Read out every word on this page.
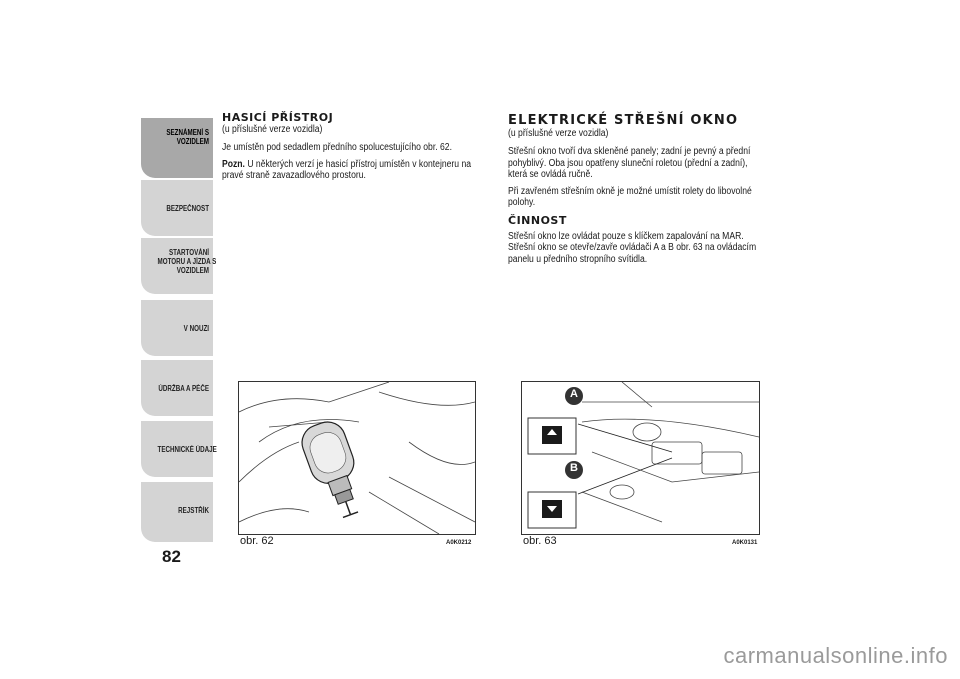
SEZNÁMENÍ S
VOZIDLEM
BEZPEČNOST
STARTOVÁNÍ
MOTORU A JÍZDA S
VOZIDLEM
V NOUZI
ÚDRŽBA A PÉČE
TECHNICKÉ ÚDAJE
REJSTŘÍK
82
HASICÍ PŘÍSTROJ

(u příslušné verze vozidla)

Je umístěn pod sedadlem předního spolucestujícího obr. 62.

Pozn. U některých verzí je hasicí přístroj umístěn v kontejneru na pravé straně zavazadlového prostoru.

obr. 62	A0K0212
ELEKTRICKÉ STŘEŠNÍ OKNO

(u příslušné verze vozidla)

Střešní okno tvoří dva skleněné panely; zadní je pevný a přední pohyblivý. Oba jsou opatřeny sluneční roletou (přední a zadní), která se ovládá ručně.

Při zavřeném střešním okně je možné umístit rolety do libovolné polohy.

ČINNOST

Střešní okno lze ovládat pouze s klíčkem zapalování na MAR. Střešní okno se otevře/zavře ovládači A a B obr. 63 na ovládacím panelu u předního stropního svítidla.

A
B
obr. 63	A0K0131
carmanualsonline.info
